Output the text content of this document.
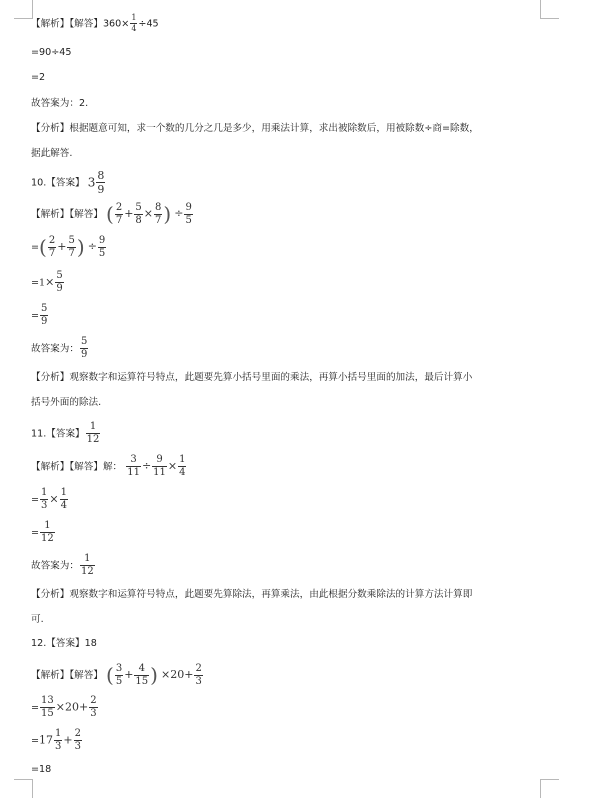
【解析】【解答】$360\times \frac{1}{4} \div 45$
=90÷45
=2
故答案为：2.
【分析】根据题意可知，求一个数的几分之几是多少，用乘法计算，求出被除数后，用被除数÷商=除数，
据此解答.
10.【答案】 $3 \frac{8}{9}$
【解析】【解答】 ( $\frac{2}{7} + \frac{5}{8} \times \frac{8}{7}$ ) ÷ $\frac{9}{5}$
=( $\frac{2}{7} + \frac{5}{7}$ ) ÷ $\frac{9}{5}$
$=1\times \frac{5}{9}$
= $\frac{5}{9}$
故答案为： $\frac{5}{9}$
【分析】观察数字和运算符号特点，此题要先算小括号里面的乘法，再算小括号里面的加法，最后计算小
括号外面的除法.
11.【答案】 $\frac{1}{12}$
【解析】【解答】解： $\frac{3}{11} \div \frac{9}{11} \times \frac{1}{4}$
= $\frac{1}{3} \times \frac{1}{4}$
= $\frac{1}{12}$
故答案为： $\frac{1}{12}$
【分析】观察数字和运算符号特点，此题要先算除法，再算乘法，由此根据分数乘除法的计算方法计算即
可.
12.【答案】18
【解析】【解答】 ( $\frac{3}{5} + \frac{4}{15}$ ) $\times 20+ \frac{2}{3}$
= $\frac{13}{15} \times 20+ \frac{2}{3}$
$=17 \frac{1}{3} + \frac{2}{3}$
=18
